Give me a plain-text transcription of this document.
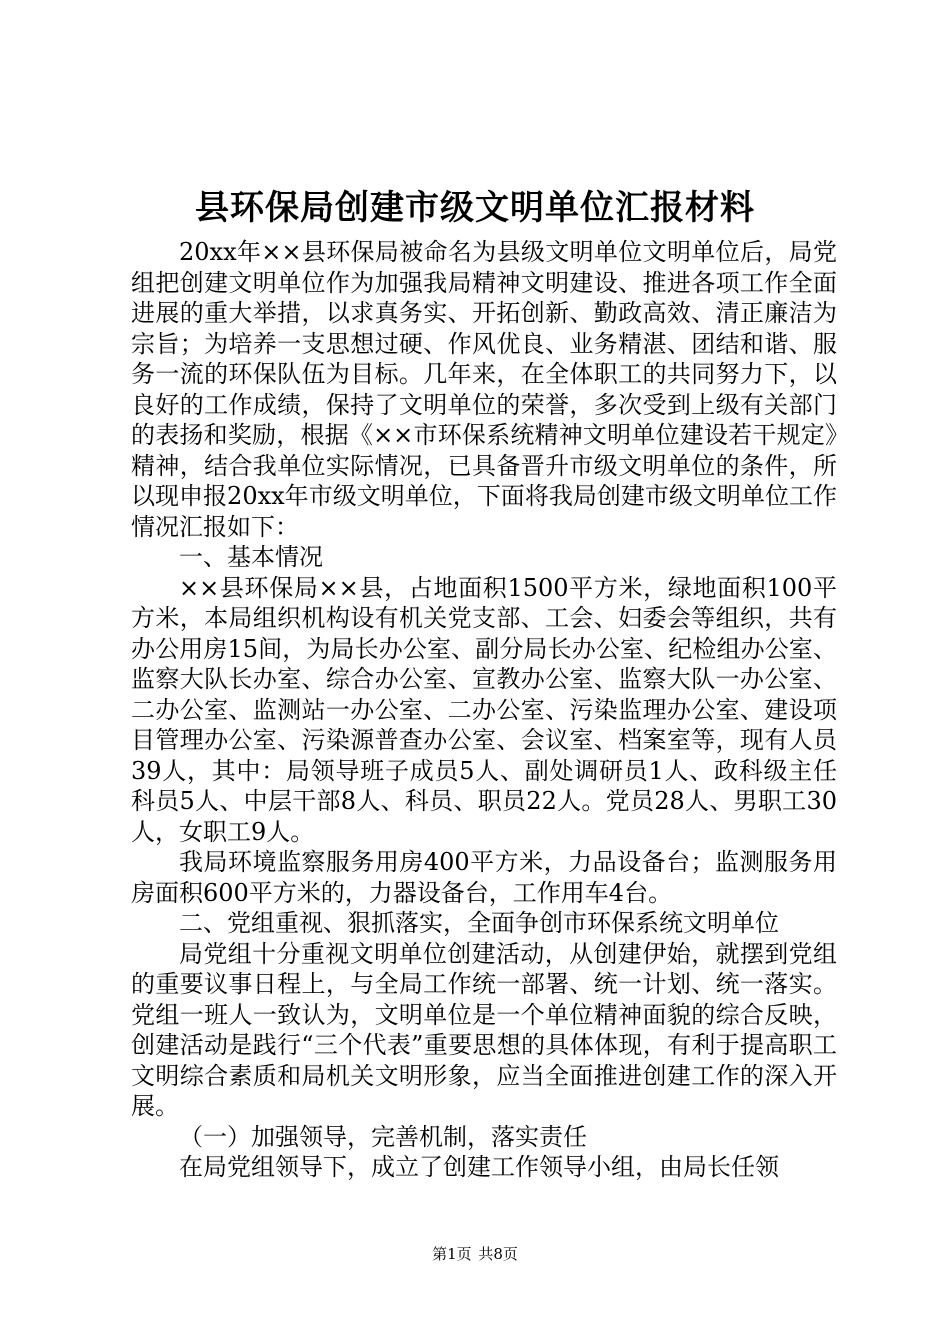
县环保局创建市级文明单位汇报材料

20xx年××县环保局被命名为县级文明单位文明单位后，局党组把创建文明单位作为加强我局精神文明建设、推进各项工作全面进展的重大举措，以求真务实、开拓创新、勤政高效、清正廉洁为宗旨；为培养一支思想过硬、作风优良、业务精湛、团结和谐、服务一流的环保队伍为目标。几年来，在全体职工的共同努力下，以良好的工作成绩，保持了文明单位的荣誉，多次受到上级有关部门的表扬和奖励，根据《××市环保系统精神文明单位建设若干规定》精神，结合我单位实际情况，已具备晋升市级文明单位的条件，所以现申报20xx年市级文明单位，下面将我局创建市级文明单位工作情况汇报如下：

一、基本情况

××县环保局××县，占地面积1500平方米，绿地面积100平方米，本局组织机构设有机关党支部、工会、妇委会等组织，共有办公用房15间，为局长办公室、副分局长办公室、纪检组办公室、监察大队长办室、综合办公室、宣教办公室、监察大队一办公室、二办公室、监测站一办公室、二办公室、污染监理办公室、建设项目管理办公室、污染源普查办公室、会议室、档案室等，现有人员39人，其中：局领导班子成员5人、副处调研员1人、政科级主任科员5人、中层干部8人、科员、职员22人。党员28人、男职工30人，女职工9人。

我局环境监察服务用房400平方米，力品设备台；监测服务用房面积600平方米的，力器设备台，工作用车4台。

二、党组重视、狠抓落实，全面争创市环保系统文明单位

局党组十分重视文明单位创建活动，从创建伊始，就摆到党组的重要议事日程上，与全局工作统一部署、统一计划、统一落实。党组一班人一致认为，文明单位是一个单位精神面貌的综合反映，创建活动是践行“三个代表”重要思想的具体体现，有利于提高职工文明综合素质和局机关文明形象，应当全面推进创建工作的深入开展。

（一）加强领导，完善机制，落实责任

在局党组领导下，成立了创建工作领导小组，由局长任领

第1页 共8页
